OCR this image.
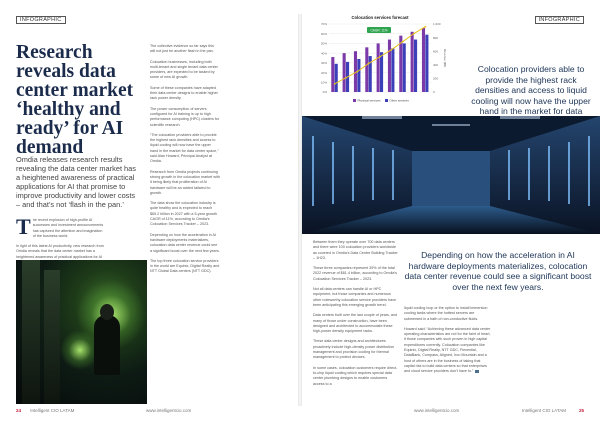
INFOGRAPHIC	INFOGRAPHIC
Research reveals data center market ‘healthy and ready’ for AI demand
Omdia releases research results revealing the data center market has a heightened awareness of practical applications for AI that promise to improve productivity and lower costs – and that’s not ‘flash in the pan.’

The recent explosion of high-profile AI successes and investment announcements has captured the attention and imagination of the business world.

In light of this latest AI productivity, new research from Omdia reveals that the data center market has a heightened awareness of practical applications for AI

The collective evidence so far says this will not just be another flash in the pan.

Colocation businesses, including both multi-tenant and single tenant data center providers, are expected to be tasked by some of new AI growth.

Some of these companies have adapted their data center designs to enable higher rack power density.

The power consumption of servers configured for AI training is up to high performance computing (HPC) clusters for scientific research.

“The colocation providers able to provide the highest rack densities and access to liquid cooling will now have the upper hand in the market for data center space,” said Alan Howard, Principal Analyst at Omdia.

Research from Omdia projects continuing strong growth in the colocation market with it being likely that proliferation of AI hardware will be an added tailwind to growth.

The data show the colocation industry is quite healthy and is expected to reach $65.2 billion in 2027 with a 5-year growth CAGR of 11%, according to Omdia’s Colocation Services Tracker – 2023.

Depending on how the acceleration in AI hardware deployments materializes, colocation data center revenue could see a significant boost over the next few years.

The top three colocation service providers in the world are Equinix, Digital Realty and NTT Global Data centers (NTT GDC).

Colocation services forecast
0%
10%
20%
30%
40%
50%
60%
70%
0
200
400
600
800
1,000
Revenue ($B)
CAGR: 11%
Physical services	Other services
Colocation providers able to provide the highest rack densities and access to liquid cooling will now have the upper hand in the market for data

Between them they operate over 700 data centers and there were 100 colocation providers worldwide as covered in Omdia’s Data Centre Building Tracker – 1H23.

These three companies represent 39% of the total 2022 revenue of $61.4 billion, according to Omdia’s Colocation Services Tracker – 2023.

Not all data centers can handle AI or HPC equipment, but those companies and numerous other noteworthy colocation service providers have been anticipating this emerging growth trend.

Data centers built over the last couple of years, and many of those under construction, have been designed and architected to accommodate these high-power density equipment racks.

These data center designs and architectures proactively include high-density power distribution management and provision cooling for thermal management to protect devices.

In some cases, colocation customers require direct-to-chip liquid cooling which requires special data center plumbing designs to enable customers access to a

Depending on how the acceleration in AI hardware deployments materializes, colocation data center revenue could see a significant boost over the next few years.

liquid cooling loop or the option to install immersion cooling tanks where the hottest servers are submersed in a bath of non-conductive fluids.

Howard said: “Achieving these advanced data center operating characteristics are not for the faint of heart, if those companies with such proven in high capital expenditures currently. Colocation companies like Equinix, Digital Realty, NTT GDC, Flexential, DataBank, Compass, Aligned, Iron Mountain and a host of others are in the business of taking that capital risk to build data centers so that enterprises and cloud service providers don’t have to.”

24 Intelligent CIO LATAM	www.intelligentcio.com	www.intelligentcio.com	Intelligent CIO LATAM	25
